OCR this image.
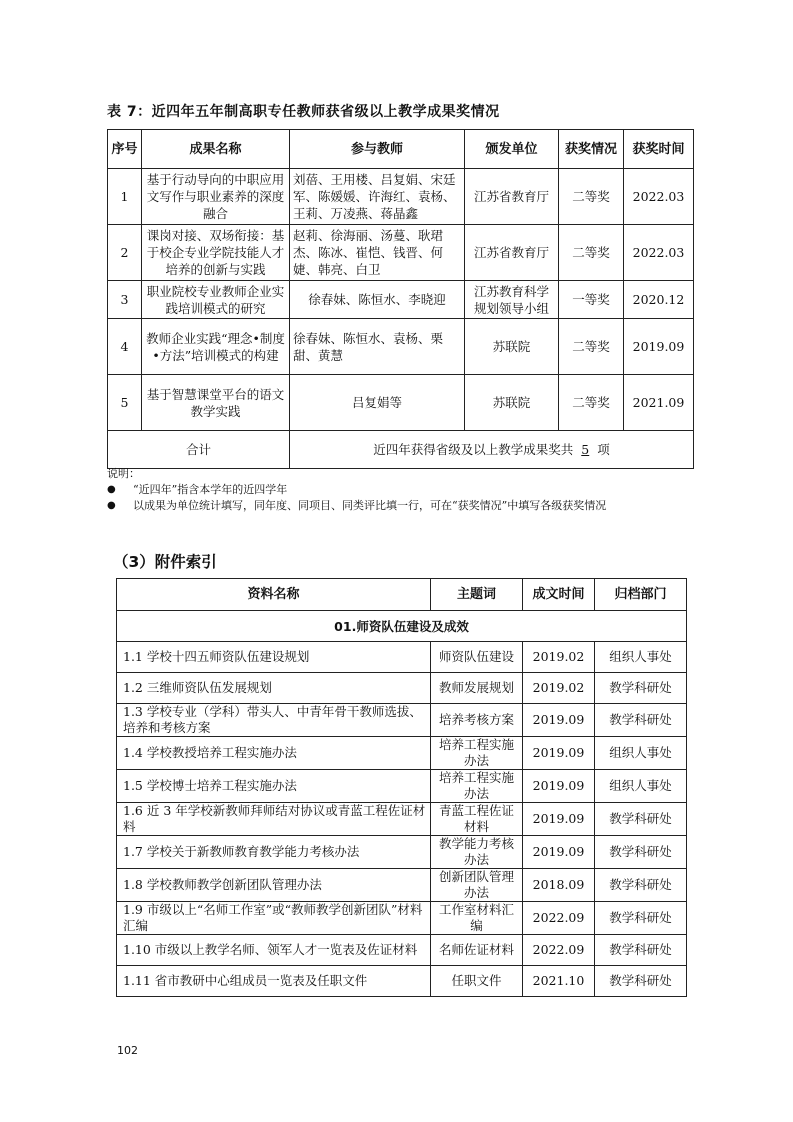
表 7：近四年五年制高职专任教师获省级以上教学成果奖情况
序号	成果名称	参与教师	颁发单位	获奖情况	获奖时间
1	基于行动导向的中职应用文写作与职业素养的深度融合	刘蓓、王用楼、吕复娟、宋廷军、陈媛媛、许海红、袁杨、王莉、万凌燕、蒋晶鑫	江苏省教育厅	二等奖	2022.03
2	课岗对接、双场衔接：基于校企专业学院技能人才培养的创新与实践	赵莉、徐海丽、汤蔓、耿珺杰、陈冰、崔恺、钱晋、何婕、韩亮、白卫	江苏省教育厅	二等奖	2022.03
3	职业院校专业教师企业实践培训模式的研究	徐春妹、陈恒水、李晓迎	江苏教育科学规划领导小组	一等奖	2020.12
4	教师企业实践“理念•制度•方法”培训模式的构建	徐春妹、陈恒水、袁杨、栗甜、黄慧	苏联院	二等奖	2019.09
5	基于智慧课堂平台的语文教学实践	吕复娟等	苏联院	二等奖	2021.09
合计		近四年获得省级及以上教学成果奖共 5 项			
说明：
●	“近四年”指含本学年的近四学年
●	以成果为单位统计填写，同年度、同项目、同类评比填一行，可在“获奖情况”中填写各级获奖情况
（3）附件索引
资料名称	主题词	成文时间	归档部门
01.师资队伍建设及成效			
1.1 学校十四五师资队伍建设规划	师资队伍建设	2019.02	组织人事处
1.2 三维师资队伍发展规划	教师发展规划	2019.02	教学科研处
1.3 学校专业（学科）带头人、中青年骨干教师选拔、培养和考核方案	培养考核方案	2019.09	教学科研处
1.4 学校教授培养工程实施办法	培养工程实施办法	2019.09	组织人事处
1.5 学校博士培养工程实施办法	培养工程实施办法	2019.09	组织人事处
1.6 近 3 年学校新教师拜师结对协议或青蓝工程佐证材料	青蓝工程佐证材料	2019.09	教学科研处
1.7 学校关于新教师教育教学能力考核办法	教学能力考核办法	2019.09	教学科研处
1.8 学校教师教学创新团队管理办法	创新团队管理办法	2018.09	教学科研处
1.9 市级以上“名师工作室”或“教师教学创新团队”材料汇编	工作室材料汇编	2022.09	教学科研处
1.10 市级以上教学名师、领军人才一览表及佐证材料	名师佐证材料	2022.09	教学科研处
1.11 省市教研中心组成员一览表及任职文件	任职文件	2021.10	教学科研处
102
